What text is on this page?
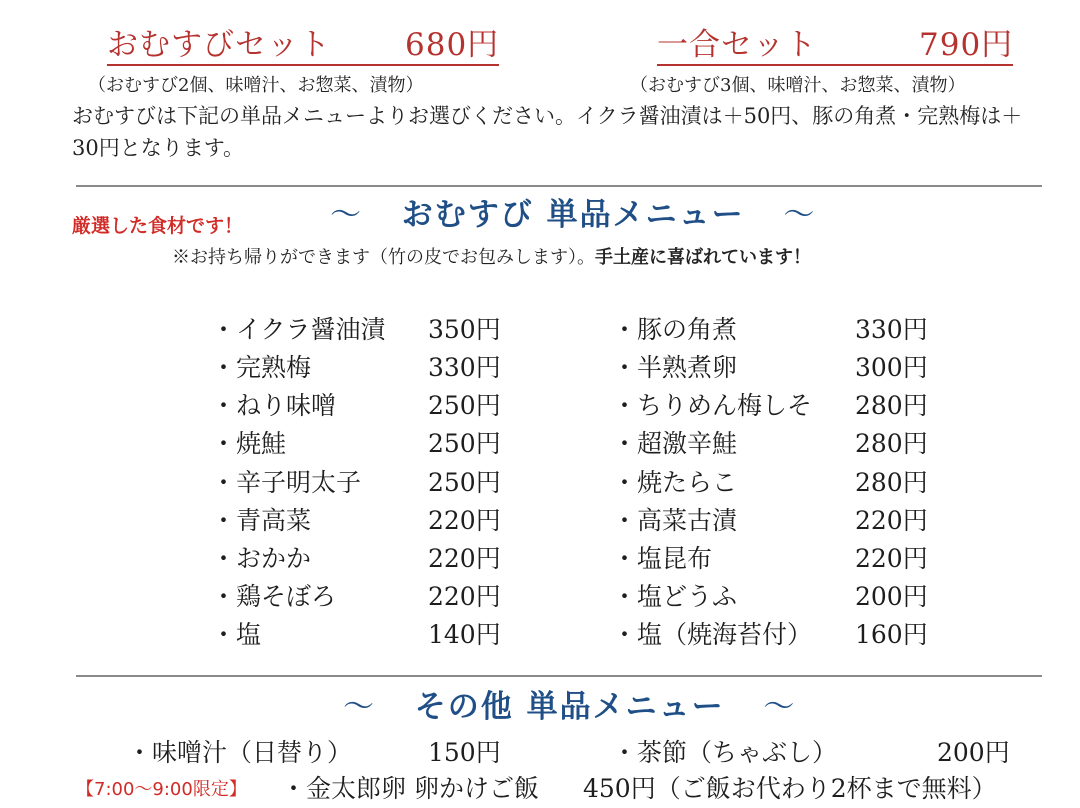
おむすびセット 680円
（おむすび2個、味噌汁、お惣菜、漬物）
一合セット	790円
（おむすび3個、味噌汁、お惣菜、漬物）
おむすびは下記の単品メニューよりお選びください。イクラ醤油漬は＋50円、豚の角煮・完熟梅は＋30円となります。
厳選した食材です！	〜 おむすび 単品メニュー 〜
※お持ち帰りができます（竹の皮でお包みします）。手土産に喜ばれています！
・イクラ醤油漬 350円
・完熟梅	330円
・ねり味噌	250円
・焼鮭	250円
・辛子明太子	250円
・青高菜	220円
・おかか	220円
・鶏そぼろ	220円
・塩	140円
・豚の角煮	330円
・半熟煮卵	300円
・ちりめん梅しそ 280円
・超激辛鮭	280円
・焼たらこ	280円
・高菜古漬	220円
・塩昆布	220円
・塩どうふ	200円
・塩（焼海苔付） 160円
〜 その他 単品メニュー 〜
・味噌汁（日替り）	150円	・茶節（ちゃぶし）	200円
【7:00〜9:00限定】 ・金太郎卵 卵かけご飯 450円（ご飯お代わり2杯まで無料）
